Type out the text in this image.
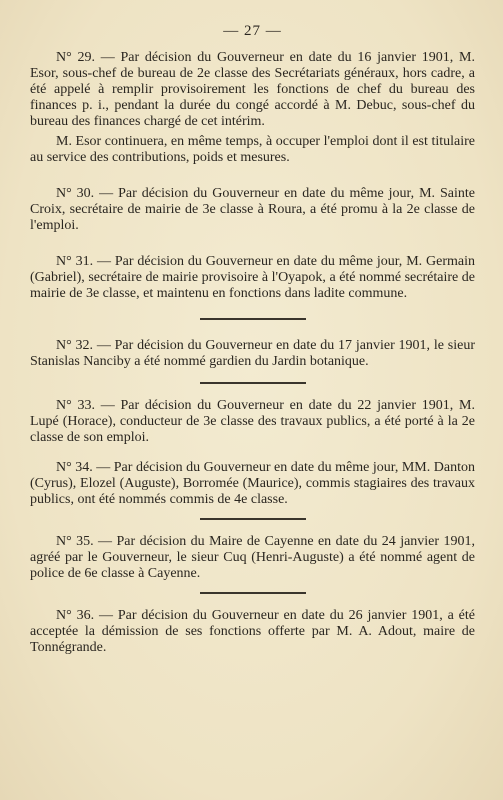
— 27 —

N° 29. — Par décision du Gouverneur en date du 16 janvier 1901, M. Esor, sous-chef de bureau de 2e classe des Secrétariats généraux, hors cadre, a été appelé à remplir provisoirement les fonctions de chef du bureau des finances p. i., pendant la durée du congé accordé à M. Debuc, sous-chef du bureau des finances chargé de cet intérim.

M. Esor continuera, en même temps, à occuper l'emploi dont il est titulaire au service des contributions, poids et mesures.

N° 30. — Par décision du Gouverneur en date du même jour, M. Sainte Croix, secrétaire de mairie de 3e classe à Roura, a été promu à la 2e classe de l'emploi.

N° 31. — Par décision du Gouverneur en date du même jour, M. Germain (Gabriel), secrétaire de mairie provisoire à l'Oyapok, a été nommé secrétaire de mairie de 3e classe, et maintenu en fonctions dans ladite commune.

N° 32. — Par décision du Gouverneur en date du 17 janvier 1901, le sieur Stanislas Nanciby a été nommé gardien du Jardin botanique.

N° 33. — Par décision du Gouverneur en date du 22 janvier 1901, M. Lupé (Horace), conducteur de 3e classe des travaux publics, a été porté à la 2e classe de son emploi.

N° 34. — Par décision du Gouverneur en date du même jour, MM. Danton (Cyrus), Elozel (Auguste), Borromée (Maurice), commis stagiaires des travaux publics, ont été nommés commis de 4e classe.

N° 35. — Par décision du Maire de Cayenne en date du 24 janvier 1901, agréé par le Gouverneur, le sieur Cuq (Henri-Auguste) a été nommé agent de police de 6e classe à Cayenne.

N° 36. — Par décision du Gouverneur en date du 26 janvier 1901, a été acceptée la démission de ses fonctions offerte par M. A. Adout, maire de Tonnégrande.
